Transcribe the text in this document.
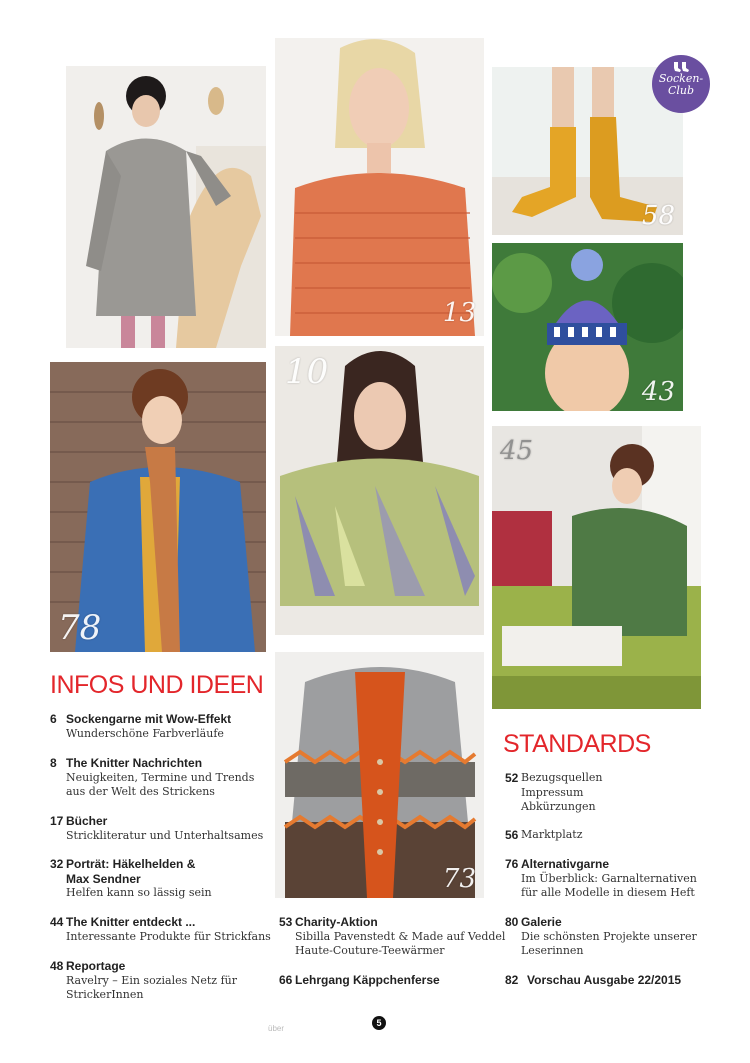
13
58
Socken-
Club
43
78
10
45
73
INFOS UND IDEEN
6 Sockengarne mit Wow-Effekt
Wunderschöne Farbverläufe
8 The Knitter Nachrichten
Neuigkeiten, Termine und Trends
aus der Welt des Strickens
17 Bücher
Strickliteratur und Unterhaltsames
32 Porträt: Häkelhelden &
Max Sendner
Helfen kann so lässig sein
44 The Knitter entdeckt ...
Interessante Produkte für Strickfans
48 Reportage
Ravelry – Ein soziales Netz für
StrickerInnen
53 Charity-Aktion
Sibilla Pavenstedt & Made auf Veddel
Haute-Couture-Teewärmer
66 Lehrgang Käppchenferse
STANDARDS
52 Bezugsquellen
Impressum
Abkürzungen
56 Marktplatz
76 Alternativgarne
Im Überblick: Garnalternativen
für alle Modelle in diesem Heft
80 Galerie
Die schönsten Projekte unserer
Leserinnen
82 Vorschau Ausgabe 22/2015
über
5
